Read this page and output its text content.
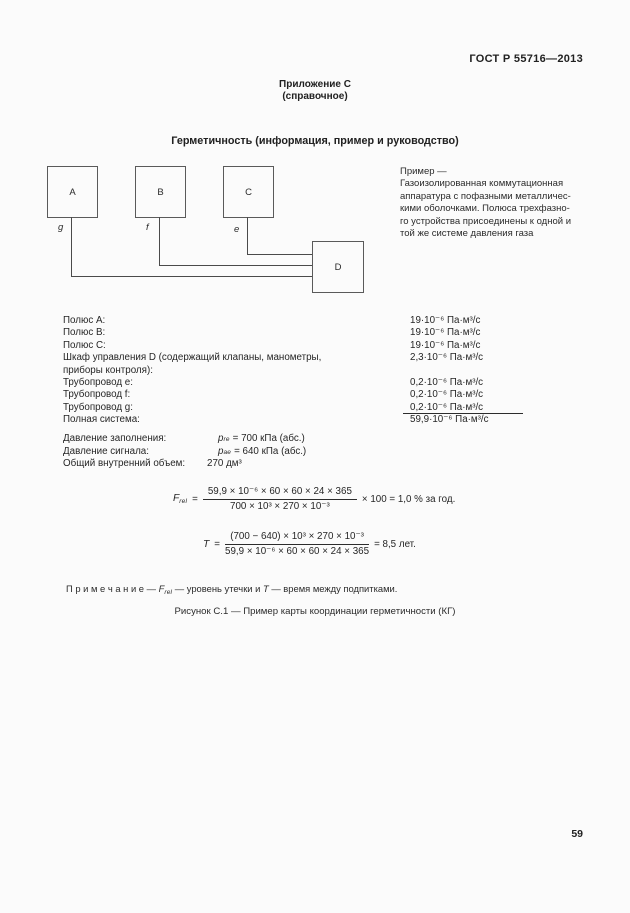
ГОСТ Р 55716—2013
Приложение С
(справочное)
Герметичность (информация, пример и руководство)
A	B	C
D
g	f	e
Пример —
Газоизолированная коммутационная
аппаратура с пофазными металличес-
кими оболочками. Полюса трехфазно-
го устройства присоединены к одной и
той же системе давления газа
Полюс А:	19·10⁻⁶ Па·м³/с
Полюс В:	19·10⁻⁶ Па·м³/с
Полюс С:	19·10⁻⁶ Па·м³/с
Шкаф управления D (содержащий клапаны, манометры,	2,3·10⁻⁶ Па·м³/с
приборы контроля):
Трубопровод e:	0,2·10⁻⁶ Па·м³/с
Трубопровод f:	0,2·10⁻⁶ Па·м³/с
Трубопровод g:	0,2·10⁻⁶ Па·м³/с
Полная система:	59,9·10⁻⁶ Па·м³/с
Давление заполнения:	p re = 700 кПа (абс.)
Давление сигнала:	p ae = 640 кПа (абс.)
Общий внутренний объем:	270 дм³
$F_{rel} = \frac{\text{59,9 × 10⁻⁶ × 60 × 60 × 24 × 365}}{\text{700 × 10³ × 270 × 10⁻³}} \times 100 = 1,0$ % за год.
$T = \frac{\text{(700 − 640) × 10³ × 270 × 10⁻³}}{\text{59,9 × 10⁻⁶ × 60 × 60 × 24 × 365}} = 8,5$ лет.
П р и м е ч а н и е — $F_{rel}$ — уровень утечки и T — время между подпитками.
Рисунок С.1 — Пример карты координации герметичности (КГ)
59
